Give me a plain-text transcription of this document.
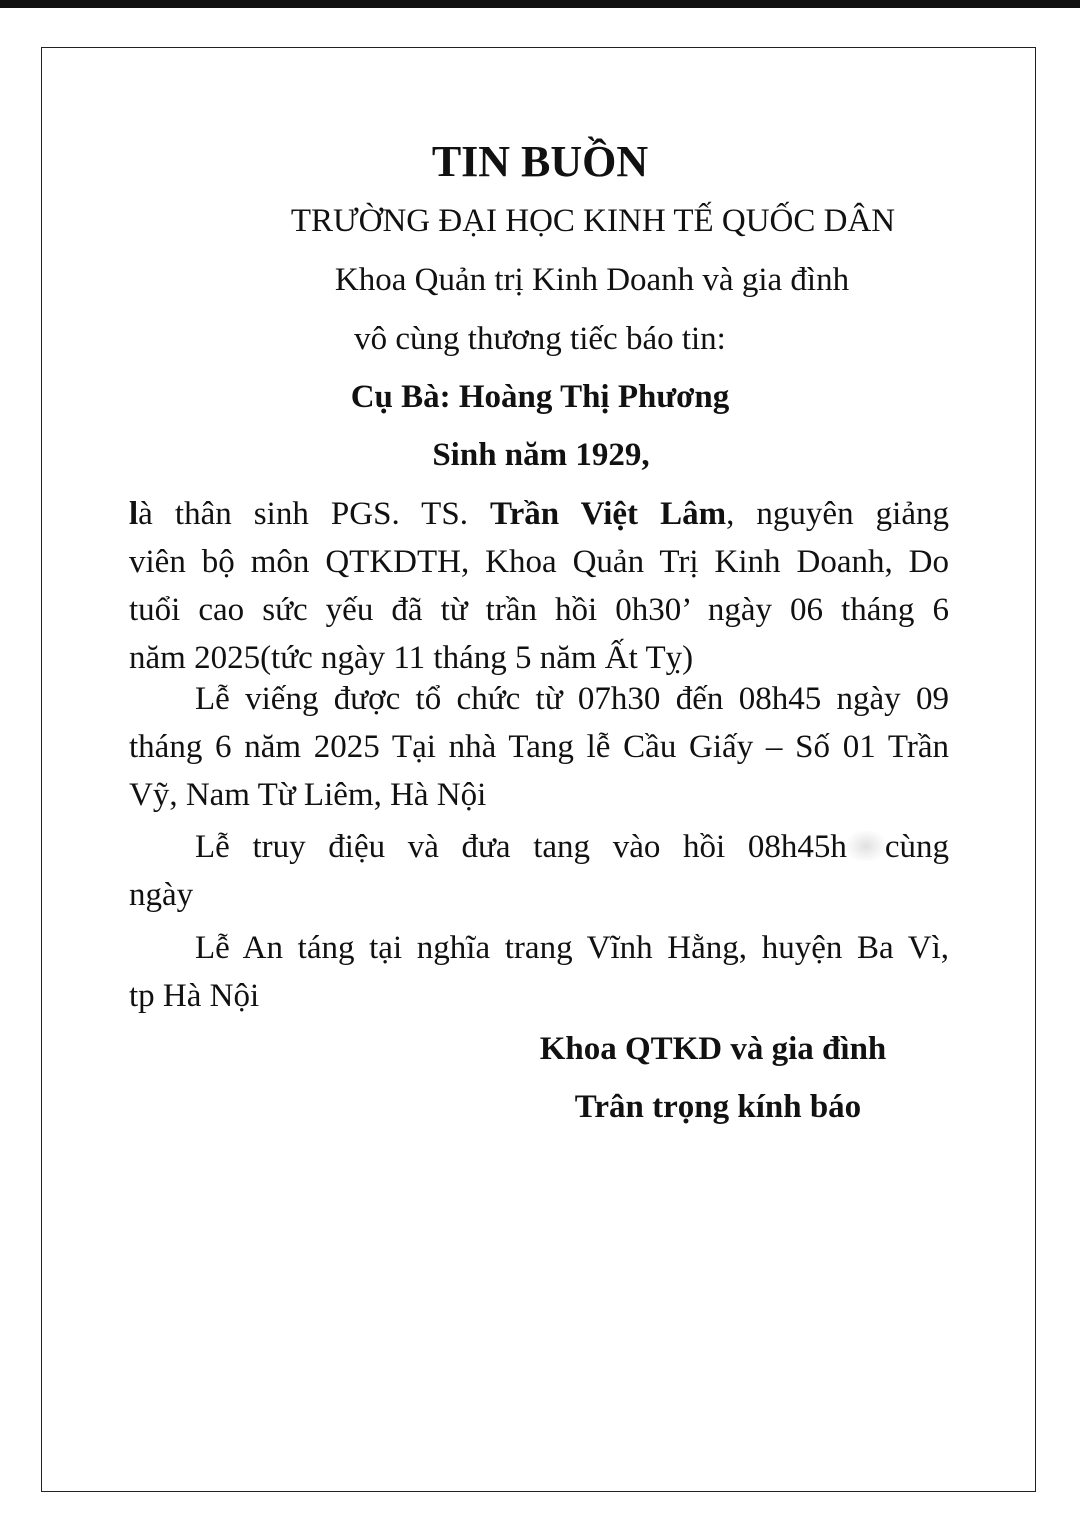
TIN BUỒN
TRƯỜNG ĐẠI HỌC KINH TẾ QUỐC DÂN
Khoa Quản trị Kinh Doanh và gia đình
vô cùng thương tiếc báo tin:
Cụ Bà: Hoàng Thị Phương
Sinh năm 1929,
là thân sinh PGS. TS. Trần Việt Lâm, nguyên giảng
viên bộ môn QTKDTH, Khoa Quản Trị Kinh Doanh, Do
tuổi cao sức yếu đã từ trần hồi 0h30’ ngày 06 tháng 6
năm 2025(tức ngày 11 tháng 5 năm Ất Tỵ)
Lễ viếng được tổ chức từ 07h30 đến 08h45 ngày 09
tháng 6 năm 2025 Tại nhà Tang lễ Cầu Giấy – Số 01 Trần
Vỹ, Nam Từ Liêm, Hà Nội
Lễ truy điệu và đưa tang vào hồi 08h45h cùng
ngày
Lễ An táng tại nghĩa trang Vĩnh Hằng, huyện Ba Vì,
tp Hà Nội
Khoa QTKD và gia đình
Trân trọng kính báo
